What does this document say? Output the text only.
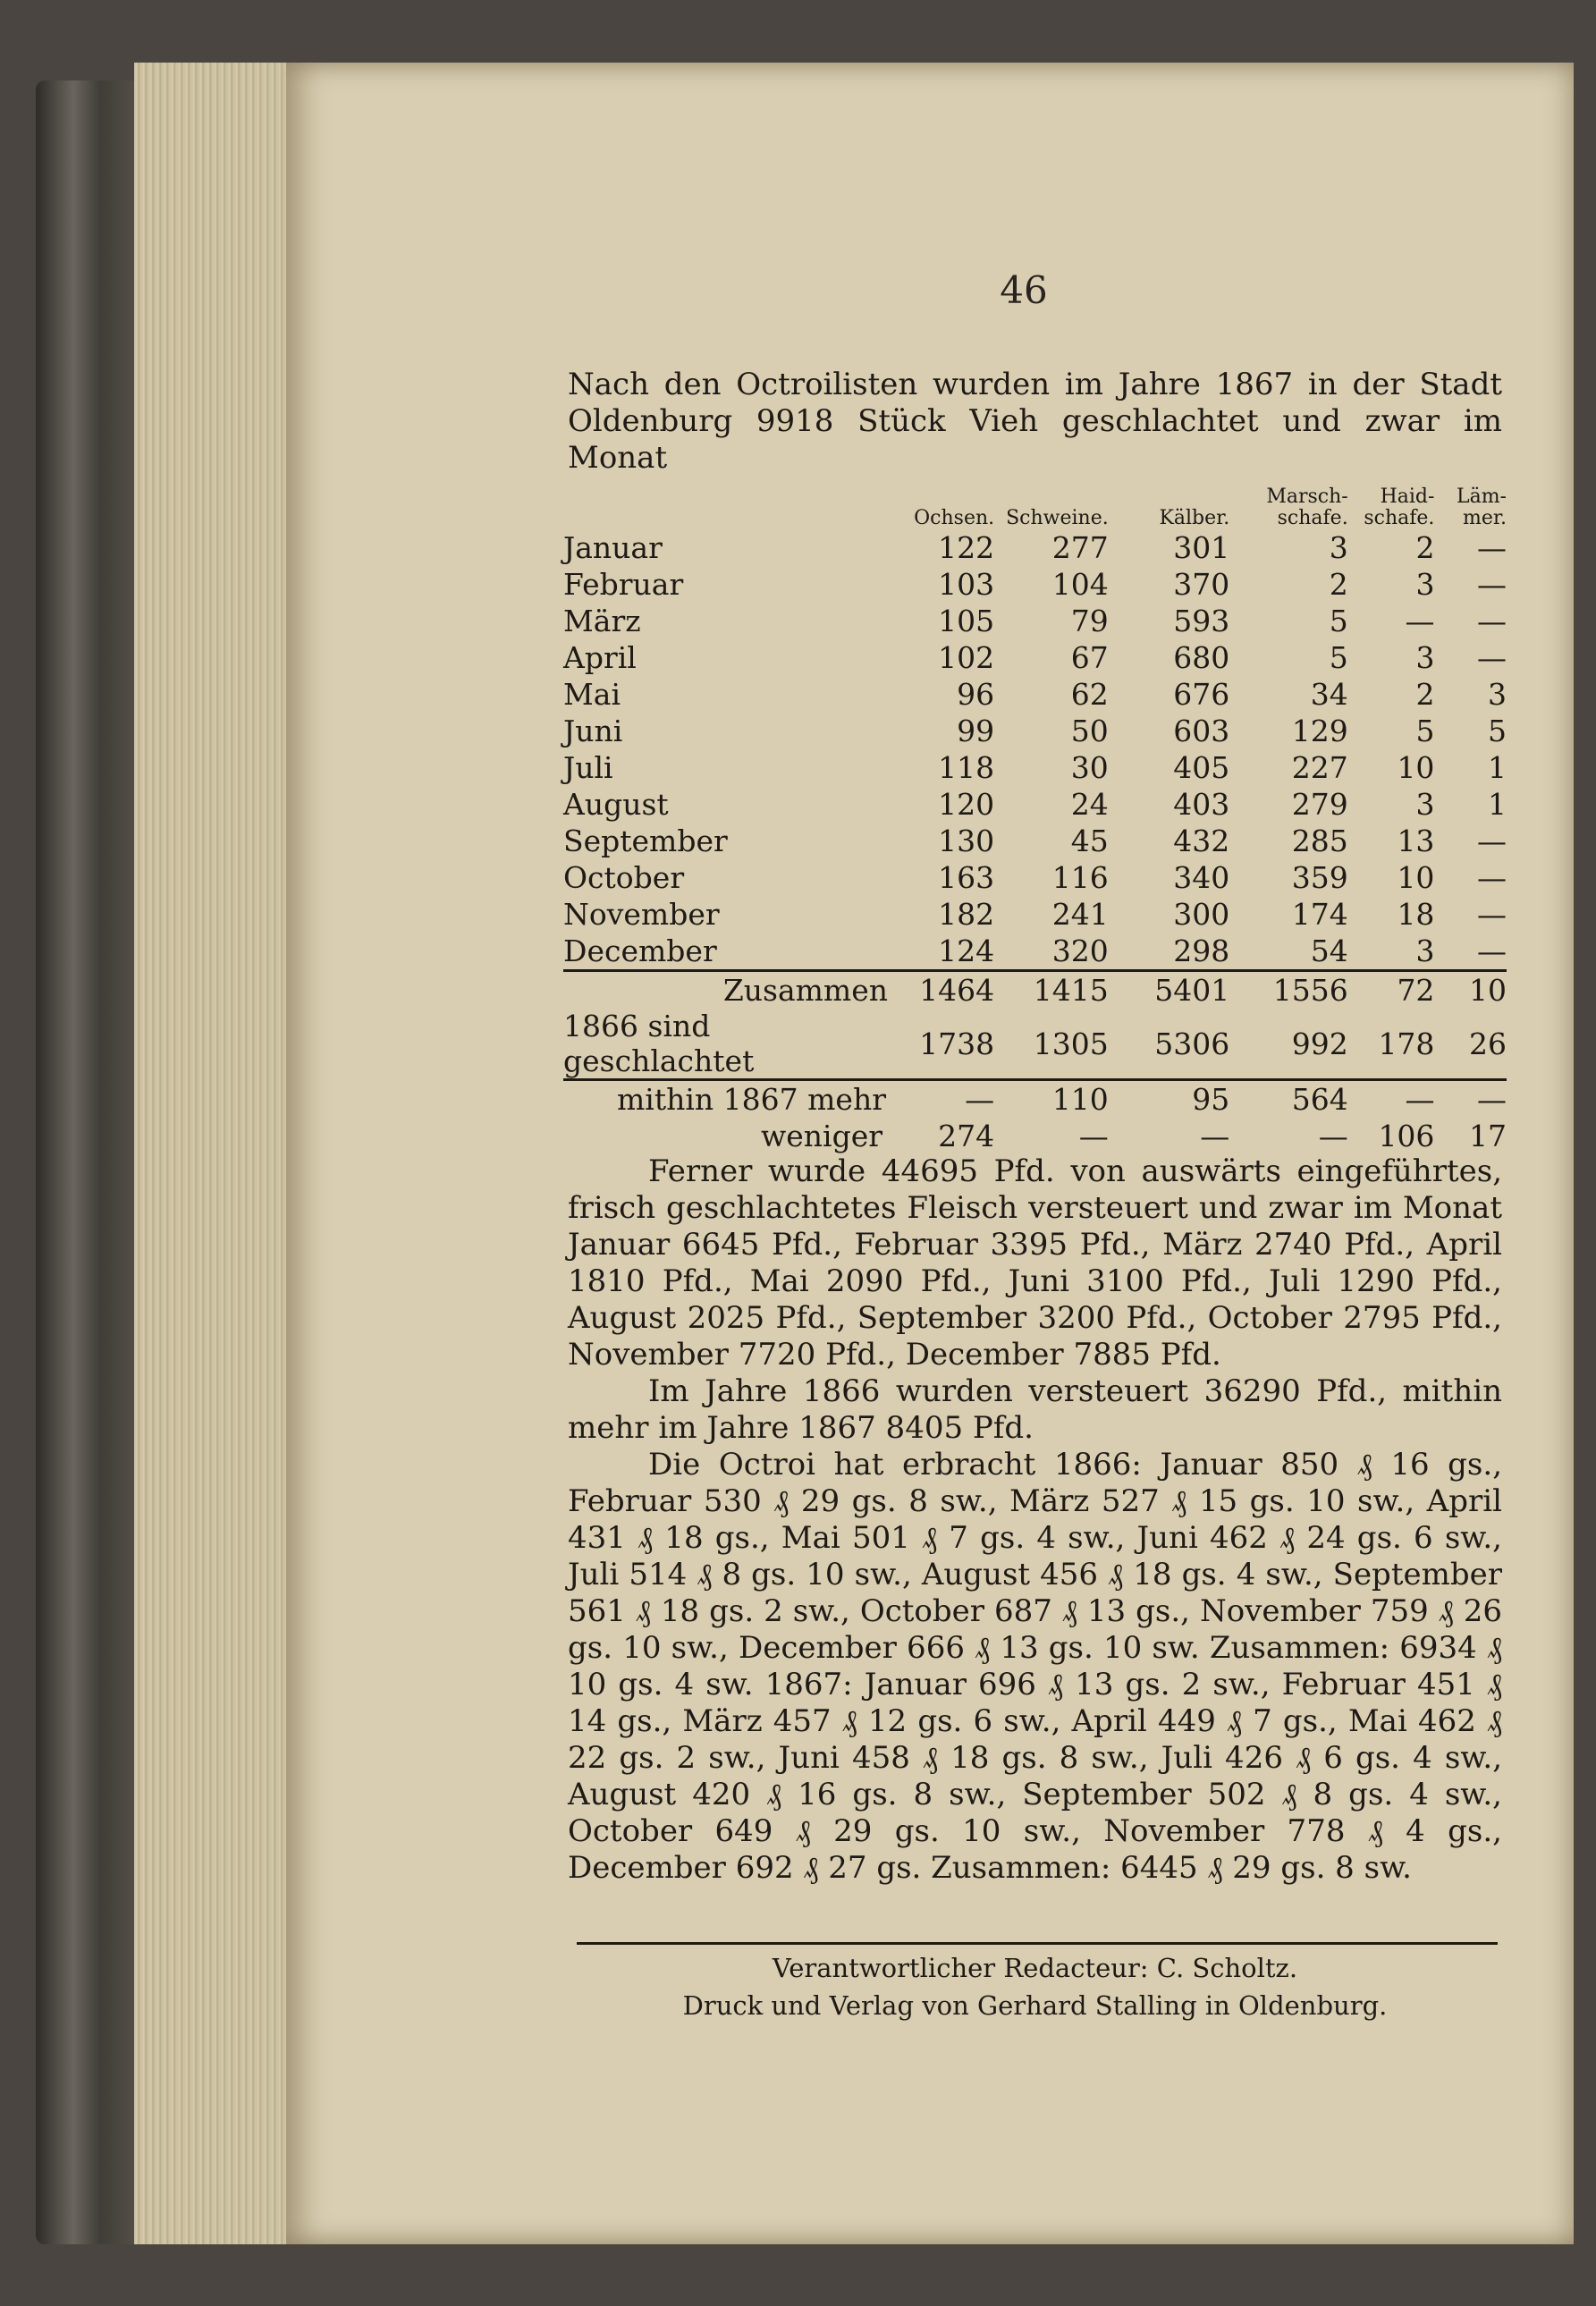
46
Nach den Octroilisten wurden im Jahre 1867 in der Stadt Oldenburg 9918 Stück Vieh geschlachtet und zwar im Monat
	Ochsen.	Schweine.	Kälber.	Marsch-schafe.	Haid-schafe.	Läm-mer.
Januar	122	277	301	3	2	—
Februar	103	104	370	2	3	—
März	105	79	593	5	—	—
April	102	67	680	5	3	—
Mai	96	62	676	34	2	3
Juni	99	50	603	129	5	5
Juli	118	30	405	227	10	1
August	120	24	403	279	3	1
September	130	45	432	285	13	—
October	163	116	340	359	10	—
November	182	241	300	174	18	—
December	124	320	298	54	3	—
Zusammen	1464	1415	5401	1556	72	10
1866 sind geschlachtet	1738	1305	5306	992	178	26
mithin 1867 mehr	—	110	95	564	—	—
weniger	274	—	—	—	106	17
Ferner wurde 44695 Pfd. von auswärts eingeführtes, frisch geschlachtetes Fleisch versteuert und zwar im Monat Januar 6645 Pfd., Februar 3395 Pfd., März 2740 Pfd., April 1810 Pfd., Mai 2090 Pfd., Juni 3100 Pfd., Juli 1290 Pfd., August 2025 Pfd., September 3200 Pfd., October 2795 Pfd., November 7720 Pfd., December 7885 Pfd.
Im Jahre 1866 wurden versteuert 36290 Pfd., mithin mehr im Jahre 1867 8405 Pfd.
Die Octroi hat erbracht 1866: Januar 850 ₰ 16 gs., Februar 530 ₰ 29 gs. 8 sw., März 527 ₰ 15 gs. 10 sw., April 431 ₰ 18 gs., Mai 501 ₰ 7 gs. 4 sw., Juni 462 ₰ 24 gs. 6 sw., Juli 514 ₰ 8 gs. 10 sw., August 456 ₰ 18 gs. 4 sw., September 561 ₰ 18 gs. 2 sw., October 687 ₰ 13 gs., November 759 ₰ 26 gs. 10 sw., December 666 ₰ 13 gs. 10 sw. Zusammen: 6934 ₰ 10 gs. 4 sw. 1867: Januar 696 ₰ 13 gs. 2 sw., Februar 451 ₰ 14 gs., März 457 ₰ 12 gs. 6 sw., April 449 ₰ 7 gs., Mai 462 ₰ 22 gs. 2 sw., Juni 458 ₰ 18 gs. 8 sw., Juli 426 ₰ 6 gs. 4 sw., August 420 ₰ 16 gs. 8 sw., September 502 ₰ 8 gs. 4 sw., October 649 ₰ 29 gs. 10 sw., November 778 ₰ 4 gs., December 692 ₰ 27 gs. Zusammen: 6445 ₰ 29 gs. 8 sw.
Verantwortlicher Redacteur: C. Scholtz.
Druck und Verlag von Gerhard Stalling in Oldenburg.
